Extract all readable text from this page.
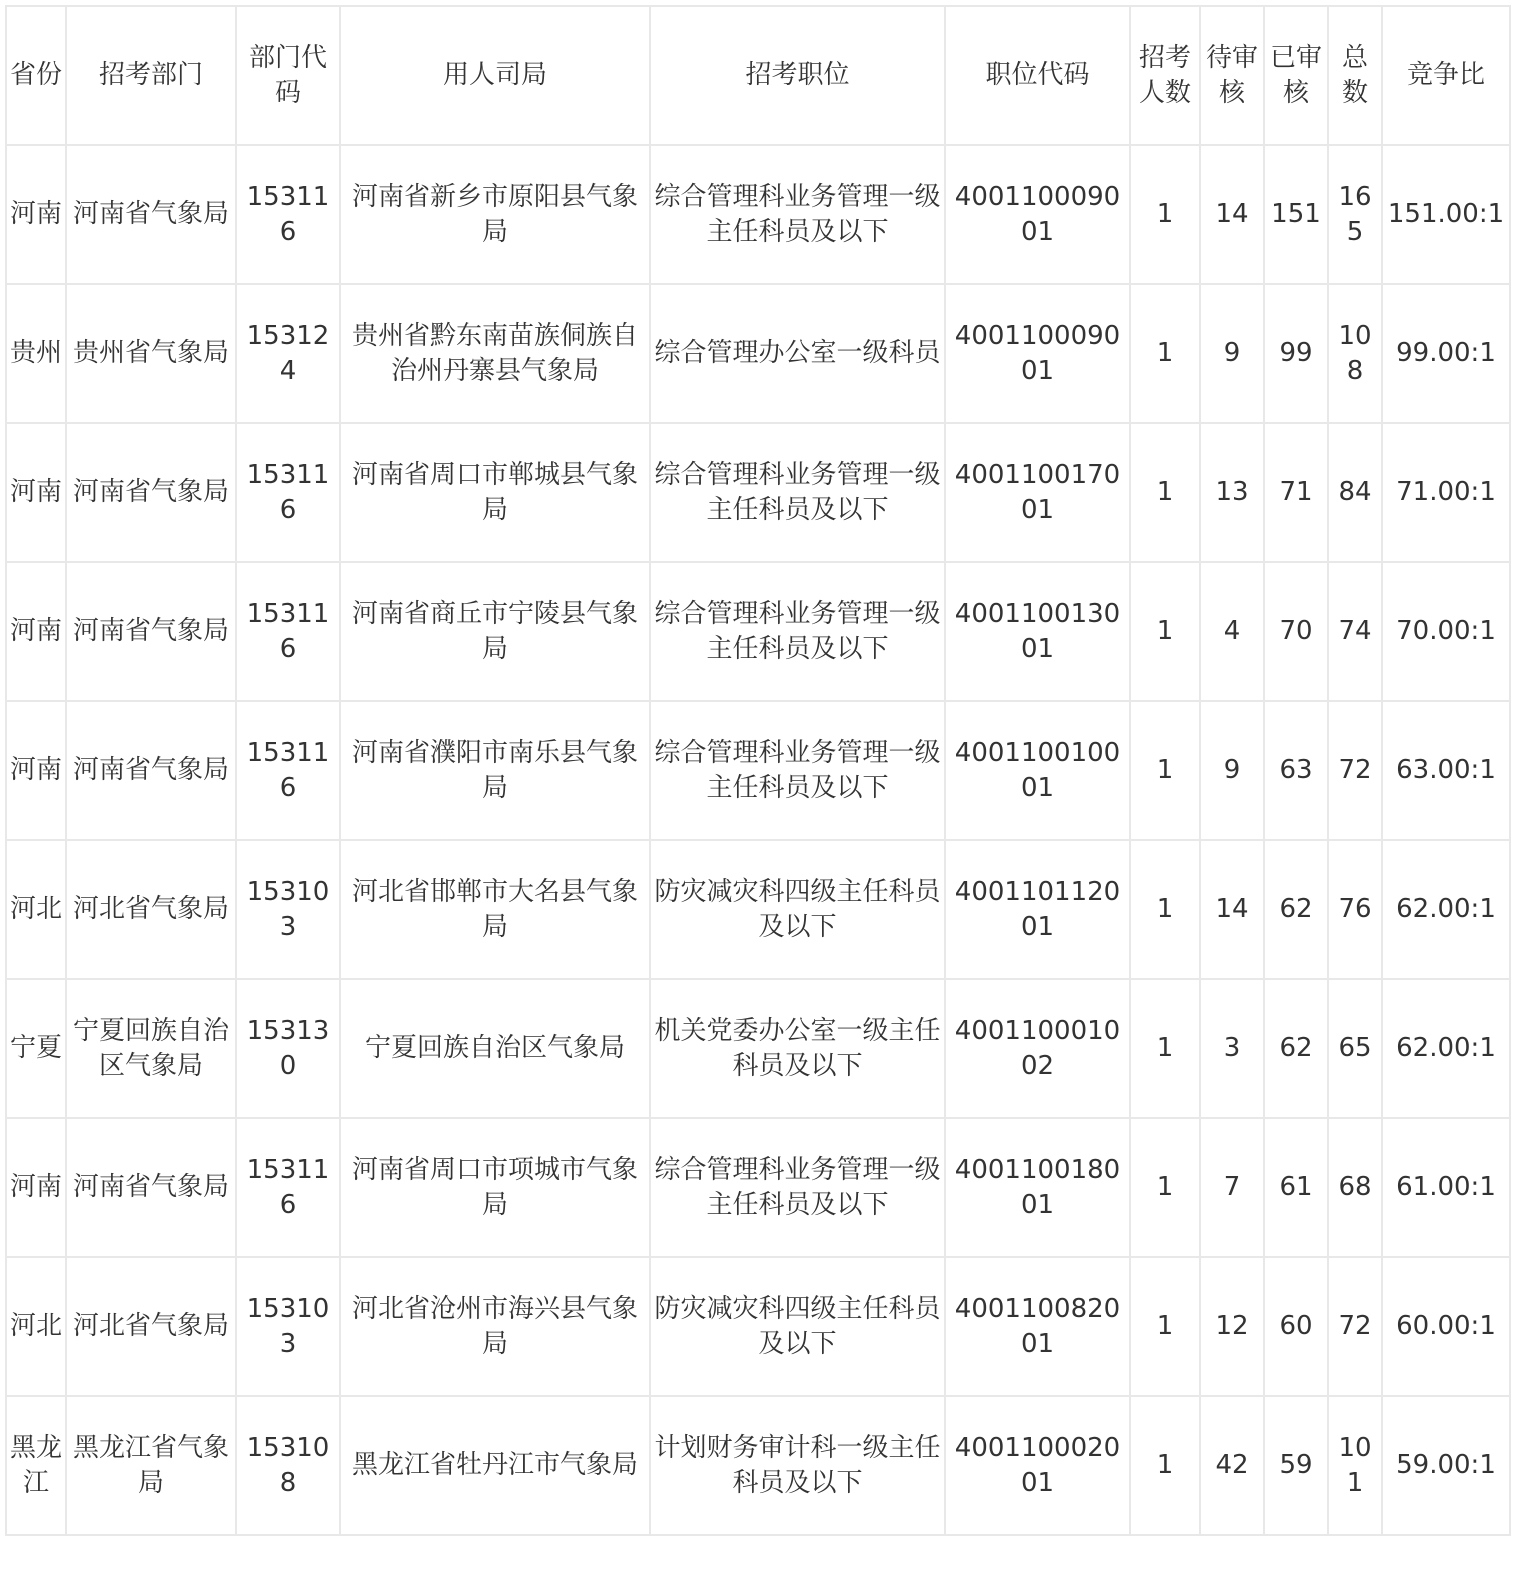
省份	招考部门	部门代码	用人司局	招考职位	职位代码	招考人数	待审核	已审核	总数	竞争比
河南	河南省气象局	153116	河南省新乡市原阳县气象局	综合管理科业务管理一级主任科员及以下	400110009001	1	14	151	165	151.00:1
贵州	贵州省气象局	153124	贵州省黔东南苗族侗族自治州丹寨县气象局	综合管理办公室一级科员	400110009001	1	9	99	108	99.00:1
河南	河南省气象局	153116	河南省周口市郸城县气象局	综合管理科业务管理一级主任科员及以下	400110017001	1	13	71	84	71.00:1
河南	河南省气象局	153116	河南省商丘市宁陵县气象局	综合管理科业务管理一级主任科员及以下	400110013001	1	4	70	74	70.00:1
河南	河南省气象局	153116	河南省濮阳市南乐县气象局	综合管理科业务管理一级主任科员及以下	400110010001	1	9	63	72	63.00:1
河北	河北省气象局	153103	河北省邯郸市大名县气象局	防灾减灾科四级主任科员及以下	400110112001	1	14	62	76	62.00:1
宁夏	宁夏回族自治区气象局	153130	宁夏回族自治区气象局	机关党委办公室一级主任科员及以下	400110001002	1	3	62	65	62.00:1
河南	河南省气象局	153116	河南省周口市项城市气象局	综合管理科业务管理一级主任科员及以下	400110018001	1	7	61	68	61.00:1
河北	河北省气象局	153103	河北省沧州市海兴县气象局	防灾减灾科四级主任科员及以下	400110082001	1	12	60	72	60.00:1
黑龙江	黑龙江省气象局	153108	黑龙江省牡丹江市气象局	计划财务审计科一级主任科员及以下	400110002001	1	42	59	101	59.00:1
